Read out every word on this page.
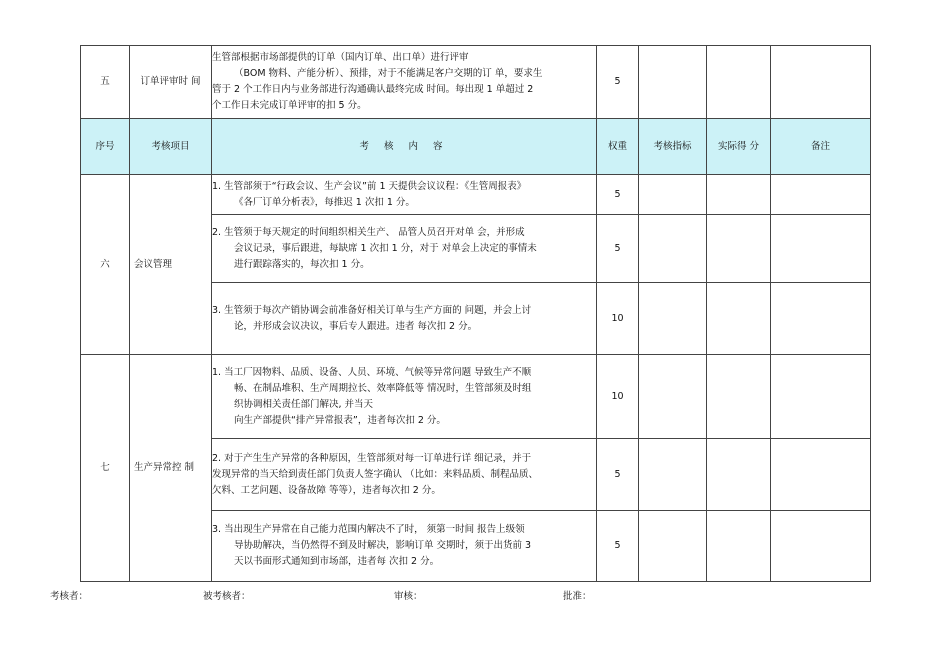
五	订单评审时 间	生管部根据市场部提供的订单（国内订单、出口单）进行评审
（BOM 物料、产能分析）、预排，对于不能满足客户交期的订 单，要求生
管于 2 个工作日内与业务部进行沟通确认最终完成 时间。每出现 1 单超过 2
个工作日未完成订单评审的扣 5 分。	5			
序号	考核项目	考 核 内 容	权重	考核指标	实际得 分	备注
六	会议管理	1. 生管部须于“行政会议、生产会议”前 1 天提供会议议程：《生管周报表》
《各厂订单分析表》，每推迟 1 次扣 1 分。	5			

		2. 生管须于每天规定的时间组织相关生产、 品管人员召开对单 会，并形成
会议记录，事后跟进，每缺席 1 次扣 1 分，对于 对单会上决定的事情未
进行跟踪落实的，每次扣 1 分。	5			

		3. 生管须于每次产销协调会前准备好相关订单与生产方面的 问题，并会上讨
论，并形成会议决议，事后专人跟进。违者 每次扣 2 分。	10			
七	生产异常控 制	1. 当工厂因物料、品质、设备、人员、环境、气候等异常问题 导致生产不顺
畅、在制品堆积、生产周期拉长、效率降低等 情况时，生管部须及时组
织协调相关责任部门解决, 并当天
向生产部提供“排产异常报表”，违者每次扣 2 分。	10			

		2. 对于产生生产异常的各种原因，生管部须对每一订单进行详 细记录，并于
发现异常的当天给到责任部门负责人签字确认 （比如：来料品质、制程品质、
欠料、工艺问题、设备故障 等等），违者每次扣 2 分。	5			

		3. 当出现生产异常在自己能力范围内解决不了时， 须第一时间 报告上级领
导协助解决，当仍然得不到及时解决，影响订单 交期时，须于出货前 3
天以书面形式通知到市场部，违者每 次扣 2 分。	5			
考核者：	被考核者：	审核：	批准：
